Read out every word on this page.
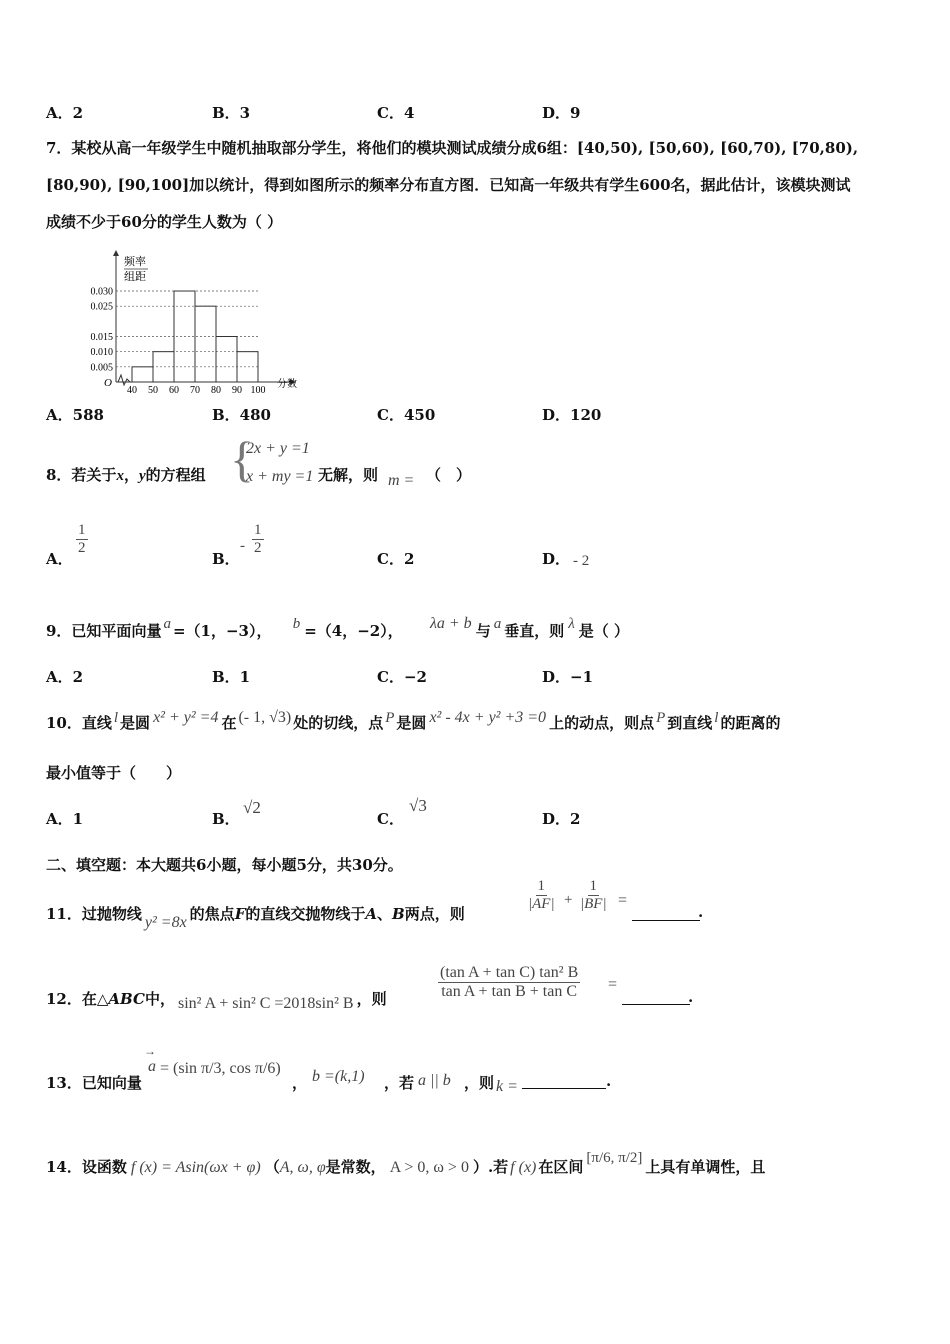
A．2	B．3	C．4	D．9
7．某校从高一年级学生中随机抽取部分学生，将他们的模块测试成绩分成6组：[40,50), [50,60), [60,70), [70,80),
[80,90), [90,100]加以统计，得到如图所示的频率分布直方图．已知高一年级共有学生600名，据此估计，该模块测试
成绩不少于60分的学生人数为（ ）
频率
组距
O	分数
0.005
0.010
0.015
0.025
0.030
40 50 60 70 80 90 100
A．588	B．480	C．450	D．120
8．若关于x，y的方程组 {
2x + y =1
x + my =1 无解，则 m = （　）
A．
$\frac{1}{2}$
B．
- $\frac{1}{2}$
C．2	D． - 2
9．已知平面向量 a =（1，−3）， b =（4，−2）， λa + b 与 a 垂直，则 λ 是（ ）
A．2	B．1	C．−2	D．−1
10．直线 l 是圆 x² + y² =4 在 (- 1, √3) 处的切线，点 P 是圆 x² - 4x + y² +3 =0 上的动点，则点 P 到直线 l 的距离的
最小值等于（　　）
A．1	B．
√2
C．
√3
D．2
二、填空题：本大题共6小题，每小题5分，共30分。
11．过抛物线 y² =8x 的焦点F的直线交抛物线于A、B两点，则
$\frac{1}{|AF|} + \frac{1}{|BF|}$ =
.
12．在△ABC中， sin² A + sin² C =2018sin² B ，则	$\frac{\text{(tan A + tan C) tan² B}}{\text{tan A + tan B + tan C}}$ =
.
13．已知向量
a
→
= (sin π/3, cos π/6)
， b =(k,1) ，若 a || b ，则 k =	.
14．设函数 f (x) = Asin(ωx + φ) （A, ω, φ是常数， A > 0, ω > 0 ）.若 f (x) 在区间 [π/6, π/2] 上具有单调性，且
